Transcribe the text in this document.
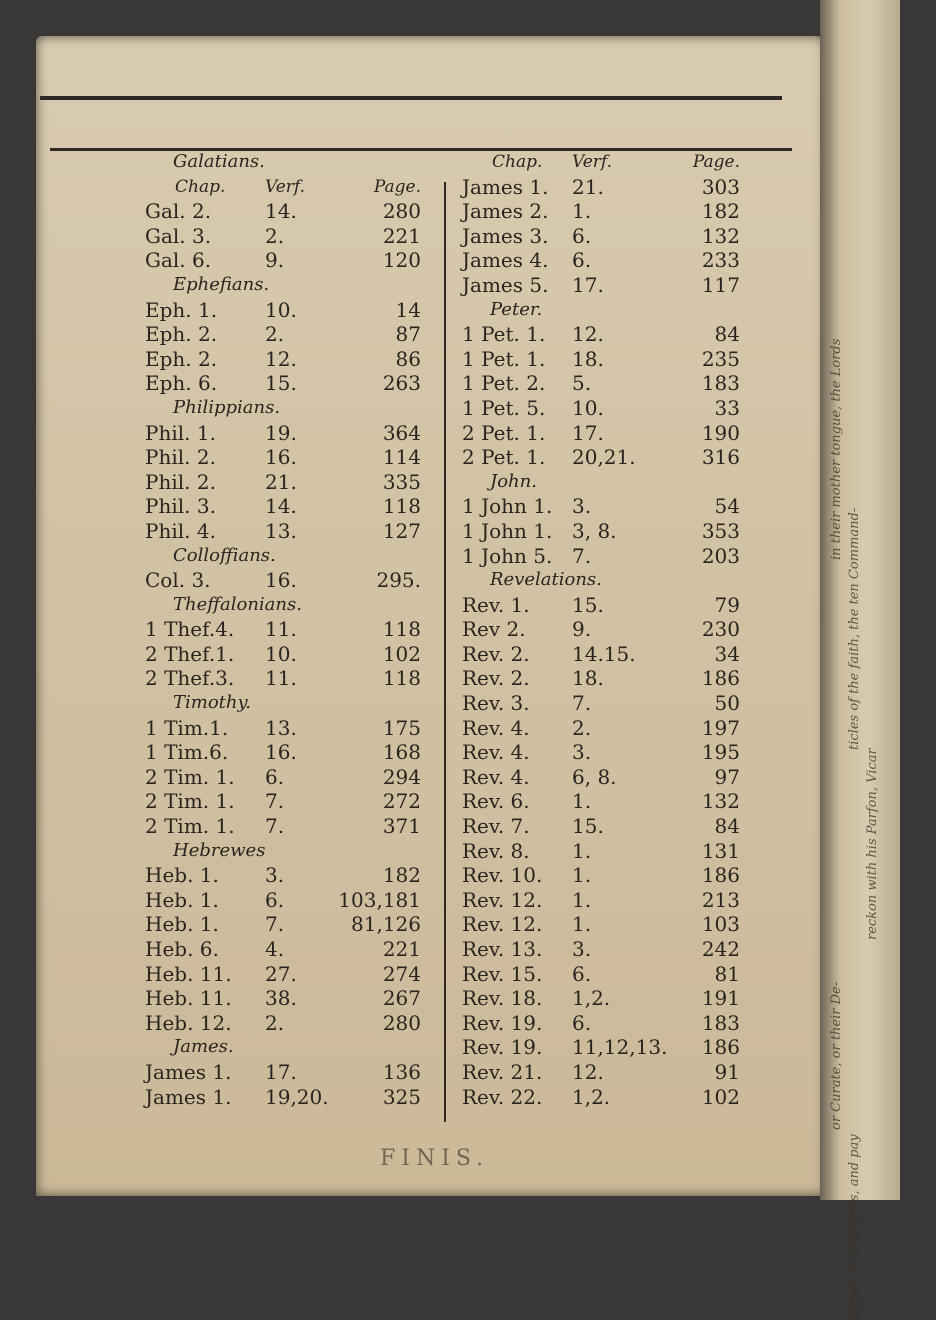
in their mother tongue, the Lords
ticles of the faith, the ten Command-
reckon with his Parfon, Vicar
or Curate, or their De-
puties, or Deputies, and pay
Galatians.
Chap. Verf.	Page.
Gal. 2.	14.	280
Gal. 3.	2.	221
Gal. 6.	9.	120
Ephefians.
Eph. 1. 10.	14
Eph. 2. 2.	87
Eph. 2. 12.	86
Eph. 6. 15.	263
Philippians.
Phil. 1. 19.	364
Phil. 2. 16.	114
Phil. 2. 21.	335
Phil. 3. 14.	118
Phil. 4. 13.	127
Colloffians.
Col. 3.	16.	295.
Theffalonians.
1 Thef.4. 11.	118
2 Thef.1. 10.	102
2 Thef.3. 11.	118
Timothy.
1 Tim.1. 13.	175
1 Tim.6. 16.	168
2 Tim. 1. 6.	294
2 Tim. 1. 7.	272
2 Tim. 1. 7.	371
Hebrewes
Heb. 1. 3.	182
Heb. 1. 6.	103,181
Heb. 1. 7.	81,126
Heb. 6. 4.	221
Heb. 11. 27.	274
Heb. 11. 38.	267
Heb. 12. 2.	280
James.
James 1. 17.	136
James 1. 19,20.	325
Chap. Verf.	Page.
James 1. 21.	303
James 2. 1.	182
James 3. 6.	132
James 4. 6.	233
James 5. 17.	117
Peter.
1 Pet. 1. 12.	84
1 Pet. 1. 18.	235
1 Pet. 2. 5.	183
1 Pet. 5. 10.	33
2 Pet. 1. 17.	190
2 Pet. 1. 20,21.	316
John.
1 John 1. 3.	54
1 John 1. 3, 8.	353
1 John 5. 7.	203
Revelations.
Rev. 1. 15.	79
Rev 2. 9.	230
Rev. 2. 14.15.	34
Rev. 2. 18.	186
Rev. 3. 7.	50
Rev. 4. 2.	197
Rev. 4. 3.	195
Rev. 4. 6, 8.	97
Rev. 6. 1.	132
Rev. 7. 15.	84
Rev. 8. 1.	131
Rev. 10. 1.	186
Rev. 12. 1.	213
Rev. 12. 1.	103
Rev. 13. 3.	242
Rev. 15. 6.	81
Rev. 18. 1,2.	191
Rev. 19. 6.	183
Rev. 19. 11,12,13. 186
Rev. 21. 12.	91
Rev. 22. 1,2.	102
FINIS.
